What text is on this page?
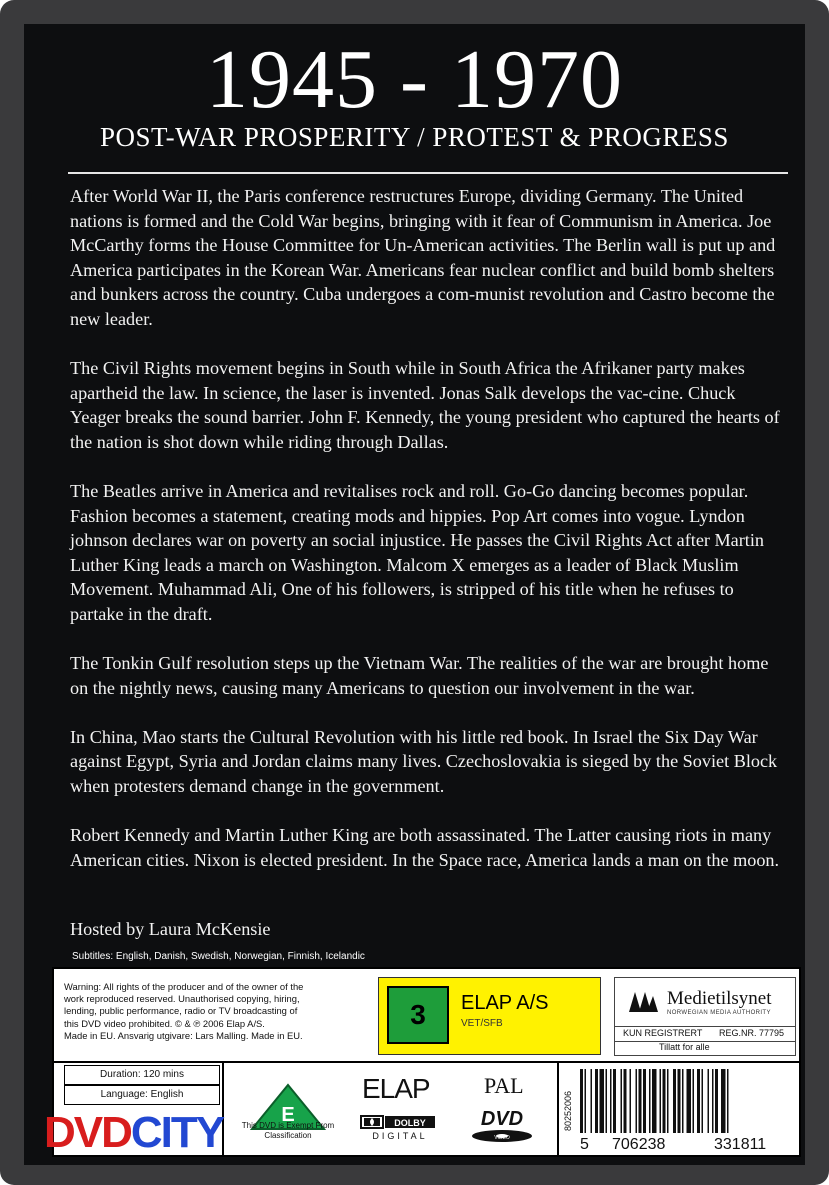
1945 - 1970
POST-WAR PROSPERITY / PROTEST & PROGRESS

After World War II, the Paris conference restructures Europe, dividing Germany. The United nations is formed and the Cold War begins, bringing with it fear of Communism in America. Joe McCarthy forms the House Committee for Un-American activities. The Berlin wall is put up and America participates in the Korean War. Americans fear nuclear conflict and build bomb shelters and bunkers across the country. Cuba undergoes a com-munist revolution and Castro become the new leader.

The Civil Rights movement begins in South while in South Africa the Afrikaner party makes apartheid the law. In science, the laser is invented. Jonas Salk develops the vac-cine. Chuck Yeager breaks the sound barrier. John F. Kennedy, the young president who captured the hearts of the nation is shot down while riding through Dallas.

The Beatles arrive in America and revitalises rock and roll. Go-Go dancing becomes popular. Fashion becomes a statement, creating mods and hippies. Pop Art comes into vogue. Lyndon johnson declares war on poverty an social injustice. He passes the Civil Rights Act after Martin Luther King leads a march on Washington. Malcom X emerges as a leader of Black Muslim Movement. Muhammad Ali, One of his followers, is stripped of his title when he refuses to partake in the draft.

The Tonkin Gulf resolution steps up the Vietnam War. The realities of the war are brought home on the nightly news, causing many Americans to question our involvement in the war.

In China, Mao starts the Cultural Revolution with his little red book. In Israel the Six Day War against Egypt, Syria and Jordan claims many lives. Czechoslovakia is sieged by the Soviet Block when protesters demand change in the government.

Robert Kennedy and Martin Luther King are both assassinated. The Latter causing riots in many American cities. Nixon is elected president. In the Space race, America lands a man on the moon.

Hosted by Laura McKensie
Subtitles: English, Danish, Swedish, Norwegian, Finnish, Icelandic
Warning: All rights of the producer and of the owner of the
work reproduced reserved. Unauthorised copying, hiring,
lending, public performance, radio or TV broadcasting of
this DVD video prohibited. © & ℗ 2006 Elap A/S.
Made in EU. Ansvarig utgivare: Lars Malling. Made in EU.
3	ELAP A/S
VET/SFB
Medietilsynet
NORWEGIAN MEDIA AUTHORITY
KUN REGISTRERT REG.NR. 77795
Tillatt for alle
Duration: 120 mins
Language: English
E
This DVD is Exempt From Classification
ELAP
DOLBY
DIGITAL
PAL
DVD
VIDEO
80252006
5 706238	331811
DVDCITY
